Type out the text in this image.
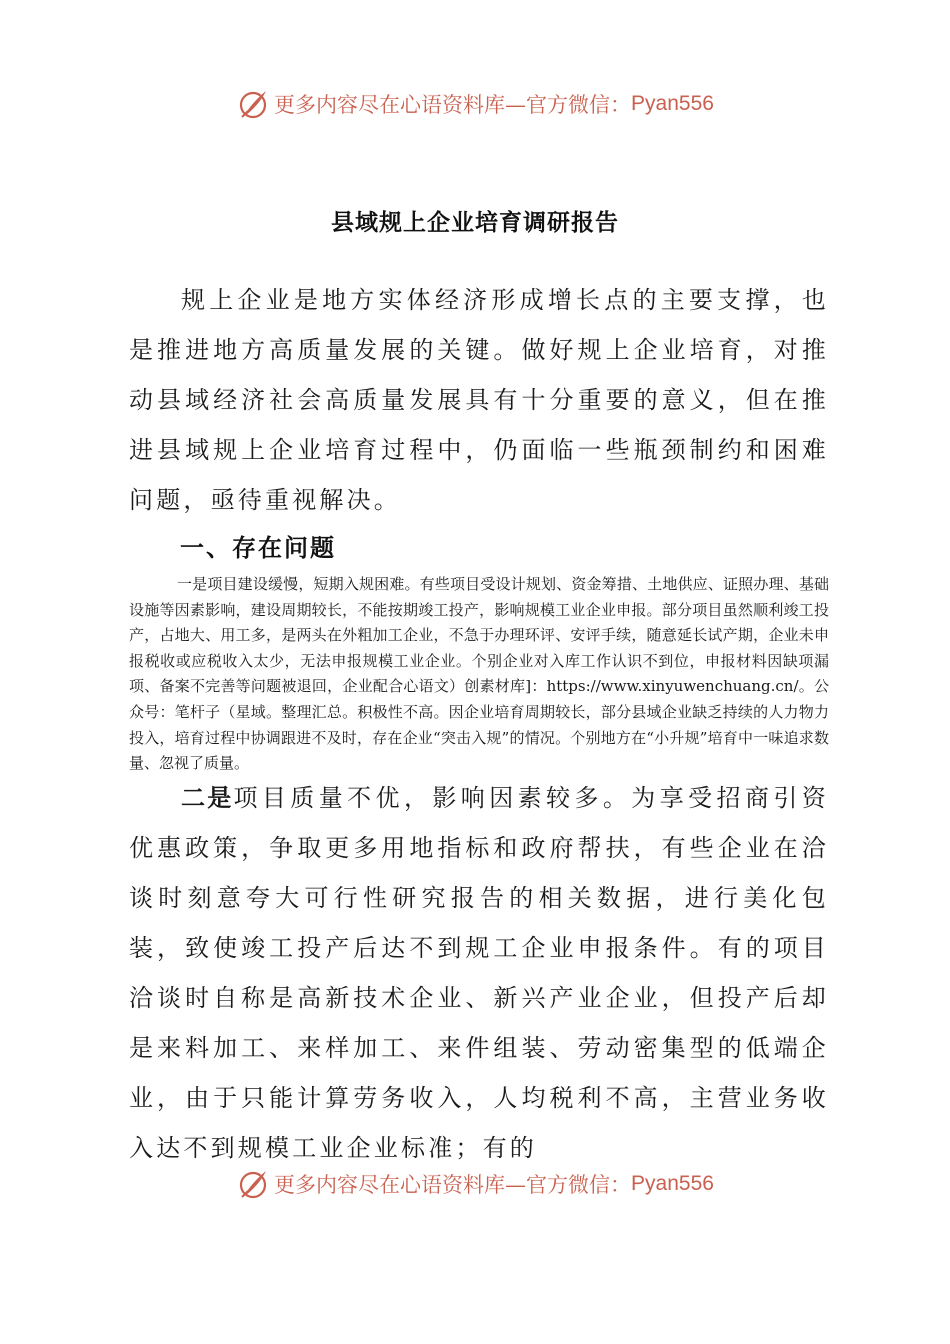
更多内容尽在心语资料库—官方微信： Pyan556
县域规上企业培育调研报告

规上企业是地方实体经济形成增长点的主要支撑，也是推进地方高质量发展的关键。做好规上企业培育，对推动县域经济社会高质量发展具有十分重要的意义，但在推进县域规上企业培育过程中，仍面临一些瓶颈制约和困难问题，亟待重视解决。

一、存在问题

一是项目建设缓慢，短期入规困难。有些项目受设计规划、资金筹措、土地供应、证照办理、基础设施等因素影响，建设周期较长，不能按期竣工投产，影响规模工业企业申报。部分项目虽然顺利竣工投产，占地大、用工多，是两头在外粗加工企业，不急于办理环评、安评手续，随意延长试产期，企业未申报税收或应税收入太少，无法申报规模工业企业。个别企业对入库工作认识不到位，申报材料因缺项漏项、备案不完善等问题被退回，企业配合心语文）创素材库]：https://www.xinyuwenchuang.cn/。公众号：笔杆子（星域。整理汇总。积极性不高。因企业培育周期较长，部分县域企业缺乏持续的人力物力投入，培育过程中协调跟进不及时，存在企业“突击入规”的情况。个别地方在“小升规”培育中一味追求数量、忽视了质量。

二是项目质量不优，影响因素较多。为享受招商引资优惠政策，争取更多用地指标和政府帮扶，有些企业在洽谈时刻意夸大可行性研究报告的相关数据，进行美化包装，致使竣工投产后达不到规工企业申报条件。有的项目洽谈时自称是高新技术企业、新兴产业企业，但投产后却是来料加工、来样加工、来件组装、劳动密集型的低端企业，由于只能计算劳务收入，人均税利不高，主营业务收入达不到规模工业企业标准；有的

更多内容尽在心语资料库—官方微信： Pyan556
